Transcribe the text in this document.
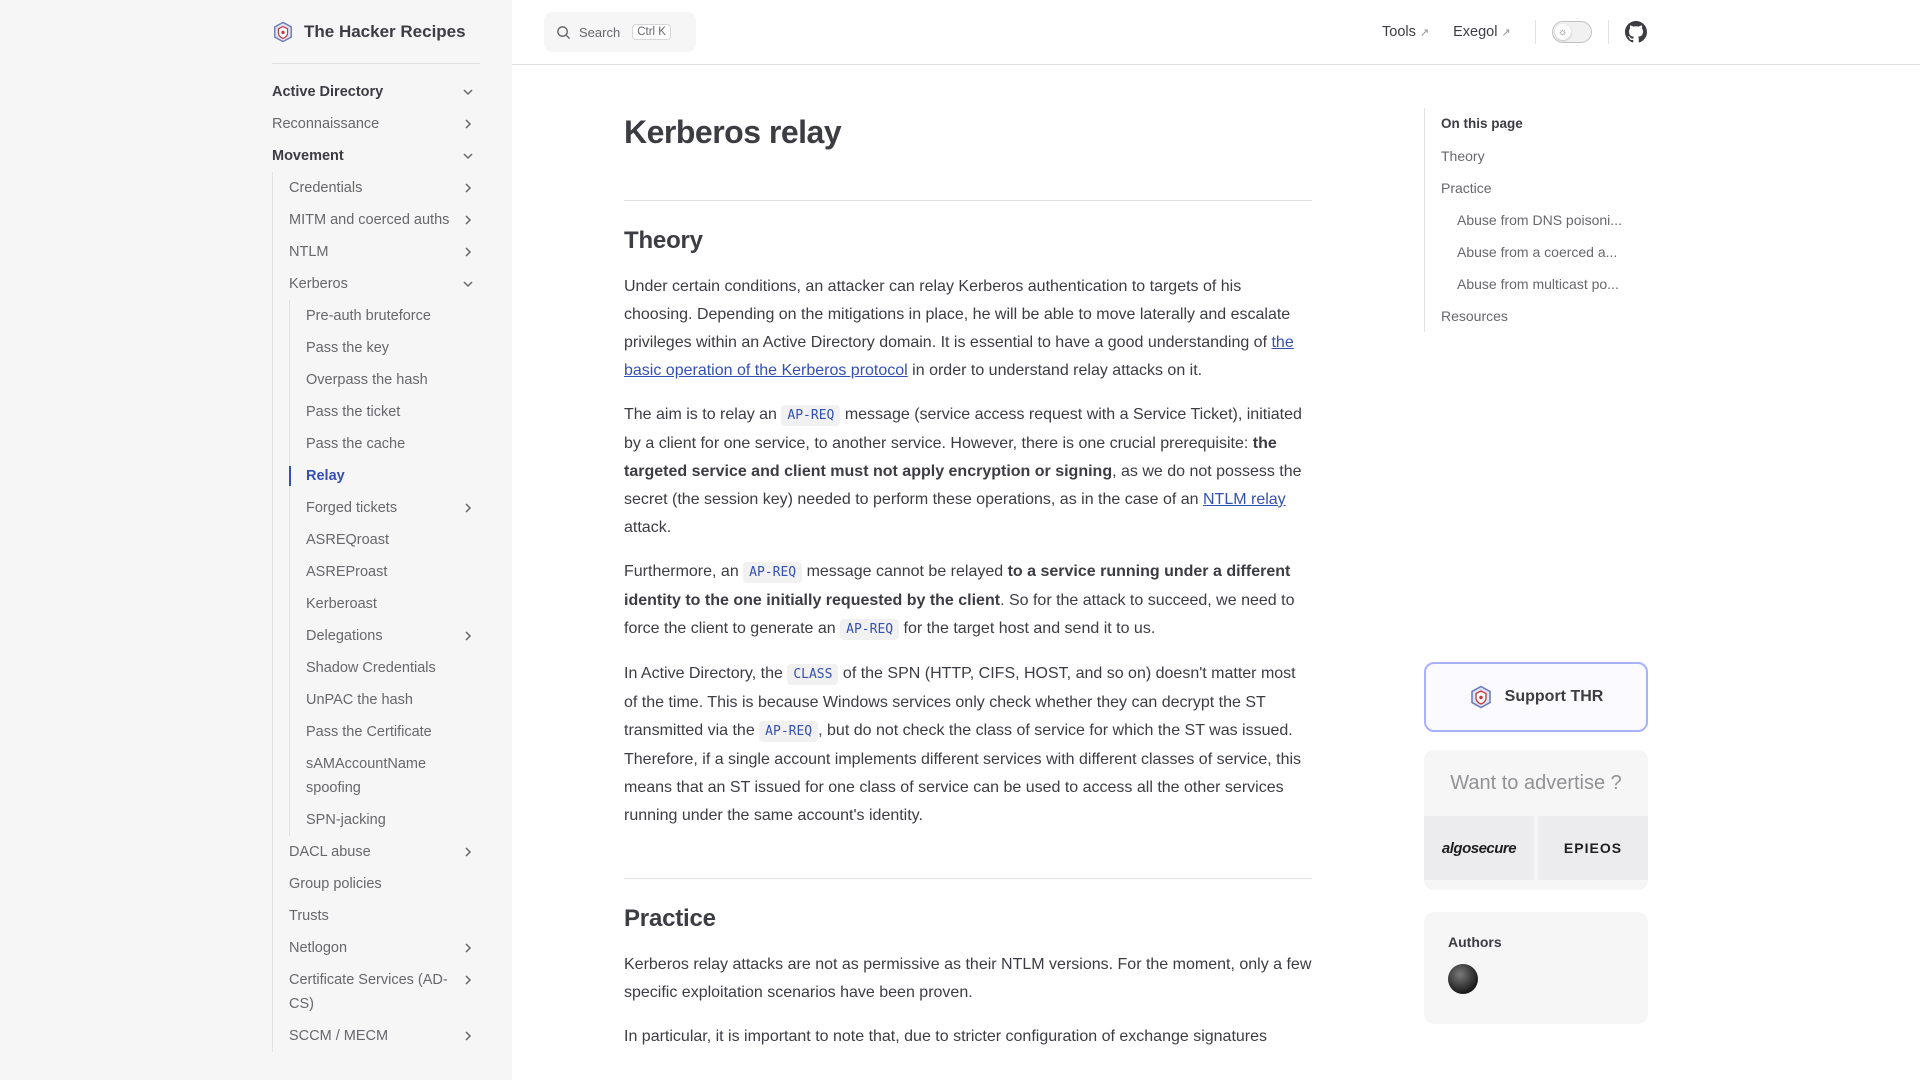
The Hacker Recipes
Active Directory
Reconnaissance
Movement
Credentials
MITM and coerced auths
NTLM
Kerberos
Pre-auth bruteforce
Pass the key
Overpass the hash
Pass the ticket
Pass the cache
Relay
Forged tickets
ASREQroast
ASREProast
Kerberoast
Delegations
Shadow Credentials
UnPAC the hash
Pass the Certificate
sAMAccountName spoofing
SPN-jacking
DACL abuse
Group policies
Trusts
Netlogon
Certificate Services (AD-CS)
SCCM / MECM
Search	Ctrl K	Tools ↗ Exegol ↗	☼
Kerberos relay
Theory

Under certain conditions, an attacker can relay Kerberos authentication to targets of his choosing. Depending on the mitigations in place, he will be able to move laterally and escalate privileges within an Active Directory domain. It is essential to have a good understanding of the basic operation of the Kerberos protocol in order to understand relay attacks on it.

The aim is to relay an AP-REQ message (service access request with a Service Ticket), initiated by a client for one service, to another service. However, there is one crucial prerequisite: the targeted service and client must not apply encryption or signing, as we do not possess the secret (the session key) needed to perform these operations, as in the case of an NTLM relay attack.

Furthermore, an AP-REQ message cannot be relayed to a service running under a different identity to the one initially requested by the client. So for the attack to succeed, we need to force the client to generate an AP-REQ for the target host and send it to us.

In Active Directory, the CLASS of the SPN (HTTP, CIFS, HOST, and so on) doesn't matter most of the time. This is because Windows services only check whether they can decrypt the ST transmitted via the AP-REQ , but do not check the class of service for which the ST was issued. Therefore, if a single account implements different services with different classes of service, this means that an ST issued for one class of service can be used to access all the other services running under the same account's identity.

Practice

Kerberos relay attacks are not as permissive as their NTLM versions. For the moment, only a few specific exploitation scenarios have been proven.

In particular, it is important to note that, due to stricter configuration of exchange signatures

On this page
Theory
Practice
Abuse from DNS poisoni...
Abuse from a coerced a...
Abuse from multicast po...
Resources
Support THR
Want to advertise ?
algosecure	EPIEOS
Authors
